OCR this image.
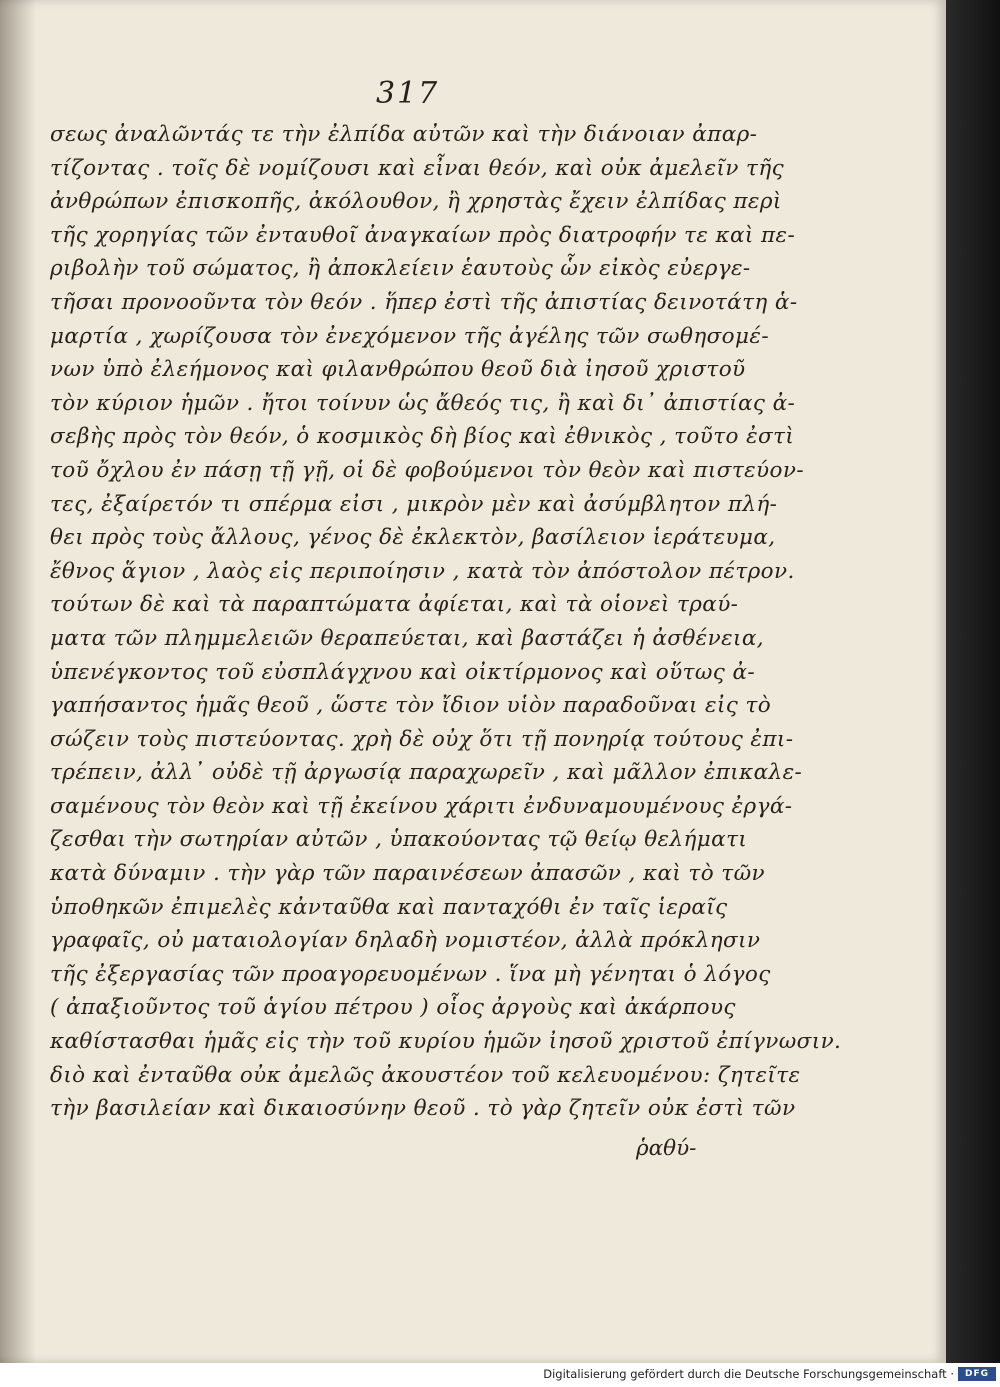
317
σεως ἀναλῶντάς τε τὴν ἐλπίδα αὐτῶν καὶ τὴν διάνοιαν ἀπαρ-
τίζοντας . τοῖς δὲ νομίζουσι καὶ εἶναι θεόν, καὶ οὐκ ἀμελεῖν τῆς
ἀνθρώπων ἐπισκοπῆς, ἀκόλουθον, ἢ χρηστὰς ἔχειν ἐλπίδας περὶ
τῆς χορηγίας τῶν ἐνταυθοῖ ἀναγκαίων πρὸς διατροφήν τε καὶ πε-
ριβολὴν τοῦ σώματος, ἢ ἀποκλείειν ἑαυτοὺς ὧν εἰκὸς εὐεργε-
τῆσαι προνοοῦντα τὸν θεόν . ἥπερ ἐστὶ τῆς ἀπιστίας δεινοτάτη ἁ-
μαρτία , χωρίζουσα τὸν ἐνεχόμενον τῆς ἀγέλης τῶν σωθησομέ-
νων ὑπὸ ἐλεήμονος καὶ φιλανθρώπου θεοῦ διὰ ἰησοῦ χριστοῦ
τὸν κύριον ἡμῶν . ἤτοι τοίνυν ὡς ἄθεός τις, ἢ καὶ δι᾽ ἀπιστίας ἀ-
σεβὴς πρὸς τὸν θεόν, ὁ κοσμικὸς δὴ βίος καὶ ἐθνικὸς , τοῦτο ἐστὶ
τοῦ ὄχλου ἐν πάσῃ τῇ γῇ, οἱ δὲ φοβούμενοι τὸν θεὸν καὶ πιστεύον-
τες, ἐξαίρετόν τι σπέρμα εἰσι , μικρὸν μὲν καὶ ἀσύμβλητον πλή-
θει πρὸς τοὺς ἄλλους, γένος δὲ ἐκλεκτὸν, βασίλειον ἱεράτευμα,
ἔθνος ἅγιον , λαὸς εἰς περιποίησιν , κατὰ τὸν ἀπόστολον πέτρον.
τούτων δὲ καὶ τὰ παραπτώματα ἀφίεται, καὶ τὰ οἱονεὶ τραύ-
ματα τῶν πλημμελειῶν θεραπεύεται, καὶ βαστάζει ἡ ἀσθένεια,
ὑπενέγκοντος τοῦ εὐσπλάγχνου καὶ οἰκτίρμονος καὶ οὕτως ἀ-
γαπήσαντος ἡμᾶς θεοῦ , ὥστε τὸν ἴδιον υἱὸν παραδοῦναι εἰς τὸ
σώζειν τοὺς πιστεύοντας. χρὴ δὲ οὐχ ὅτι τῇ πονηρίᾳ τούτους ἐπι-
τρέπειν, ἀλλ᾽ οὐδὲ τῇ ἀργωσίᾳ παραχωρεῖν , καὶ μᾶλλον ἐπικαλε-
σαμένους τὸν θεὸν καὶ τῇ ἐκείνου χάριτι ἐνδυναμουμένους ἐργά-
ζεσθαι τὴν σωτηρίαν αὐτῶν , ὑπακούοντας τῷ θείῳ θελήματι
κατὰ δύναμιν . τὴν γὰρ τῶν παραινέσεων ἀπασῶν , καὶ τὸ τῶν
ὑποθηκῶν ἐπιμελὲς κἀνταῦθα καὶ πανταχόθι ἐν ταῖς ἱεραῖς
γραφαῖς, οὐ ματαιολογίαν δηλαδὴ νομιστέον, ἀλλὰ πρόκλησιν
τῆς ἐξεργασίας τῶν προαγορευομένων . ἵνα μὴ γένηται ὁ λόγος
( ἀπαξιοῦντος τοῦ ἁγίου πέτρου ) οἷος ἀργοὺς καὶ ἀκάρπους
καθίστασθαι ἡμᾶς εἰς τὴν τοῦ κυρίου ἡμῶν ἰησοῦ χριστοῦ ἐπίγνωσιν.
διὸ καὶ ἐνταῦθα οὐκ ἀμελῶς ἀκουστέον τοῦ κελευομένου: ζητεῖτε
τὴν βασιλείαν καὶ δικαιοσύνην θεοῦ . τὸ γὰρ ζητεῖν οὐκ ἐστὶ τῶν
ῥαθύ-
Digitalisierung gefördert durch die Deutsche Forschungsgemeinschaft ·	DFG
